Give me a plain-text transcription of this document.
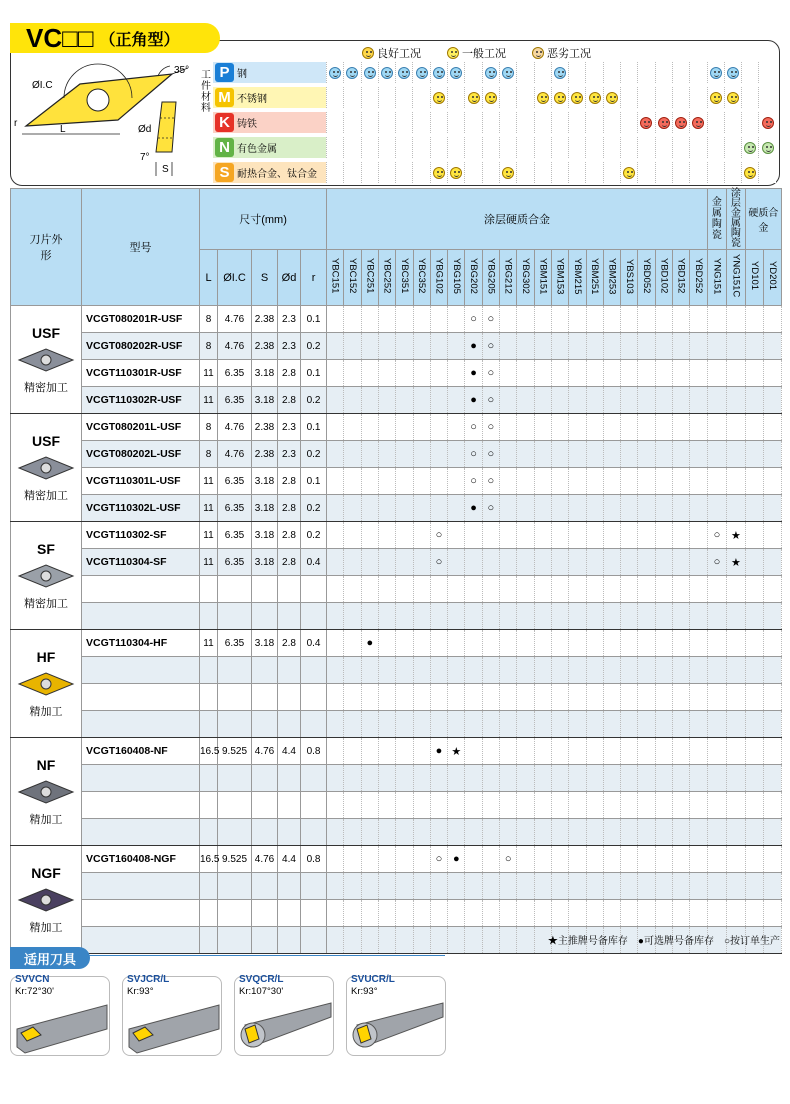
VC□□ （正角型）
良好工况	一般工况	恶劣工况
35°
ØI.C
r
L	Ød
7°
S
工件材料
P 钢
M 不锈钢
K 铸铁
N 有色金属
S 耐热合金、钛合金
刀片外形	型号	尺寸(mm)					涂层硬质合金																						金属陶瓷	涂层金属陶瓷	硬质合金	
		L	ØI.C	S	Ød	r	YBC151	YBC152	YBC251	YBC252	YBC351	YBC352	YBG102	YBG105	YBG202	YBG205	YBG212	YBG302	YBM151	YBM153	YBM215	YBM251	YBM253	YBS103	YBD052	YBD102	YBD152	YBD252	YNG151	YNG151C	YD101	YD201

USF
精密加工	VCGT080201R-USF	8	4.76	2.38	2.3	0.1									○	○																
	VCGT080202R-USF	8	4.76	2.38	2.3	0.2									●	○																
	VCGT110301R-USF	11	6.35	3.18	2.8	0.1									●	○																
	VCGT110302R-USF	11	6.35	3.18	2.8	0.2									●	○																

USF
精密加工	VCGT080201L-USF	8	4.76	2.38	2.3	0.1									○	○																
	VCGT080202L-USF	8	4.76	2.38	2.3	0.2									○	○																
	VCGT110301L-USF	11	6.35	3.18	2.8	0.1									○	○																
	VCGT110302L-USF	11	6.35	3.18	2.8	0.2									●	○																

SF
精密加工	VCGT110302-SF	11	6.35	3.18	2.8	0.2							○																○	★		
	VCGT110304-SF	11	6.35	3.18	2.8	0.4							○																○	★		

HF
精加工	VCGT110304-HF	11	6.35	3.18	2.8	0.4			●																							

NF
精加工	VCGT160408-NF	16.5	9.525	4.76	4.4	0.8							●	★																		

NGF
精加工	VCGT160408-NGF	16.5	9.525	4.76	4.4	0.8							○	●			○															

★主推牌号备库存　●可选牌号备库存　○按订单生产
适用刀具
SVVCN
Kr:72°30'
SVJCR/L
Kr:93°
SVQCR/L
Kr:107°30'
SVUCR/L
Kr:93°
